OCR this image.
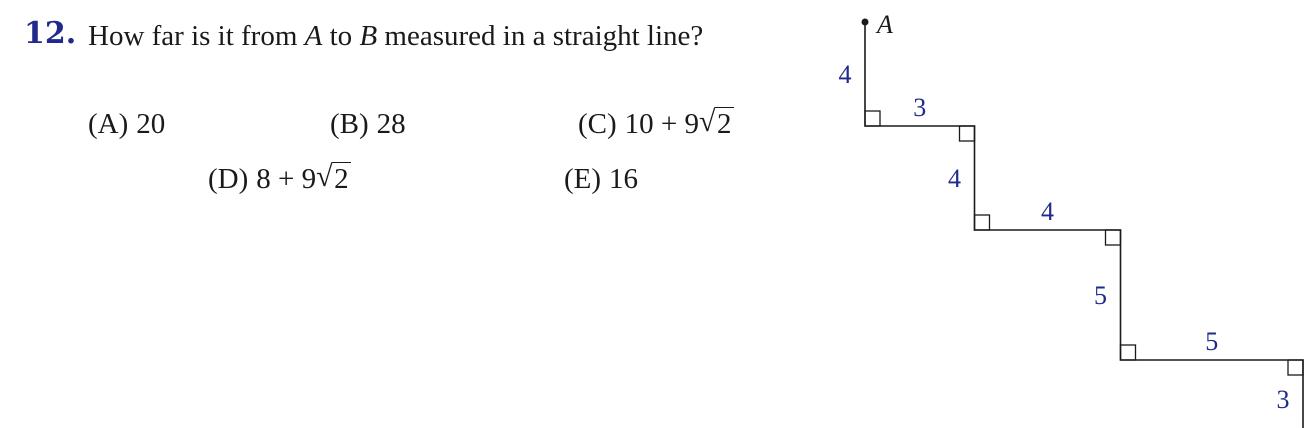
12. How far is it from A to B measured in a straight line?
(A) 20	(B) 28	(C) 10 + 9 √ 2
(D) 8 + 9 √ 2	(E) 16
4
3
4
4
5
5
3
A
